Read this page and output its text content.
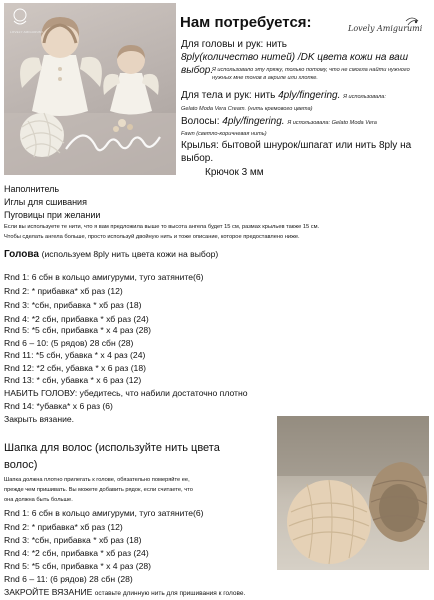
LOVELY AMIGURUMI	Lovely Amigurumi
Нам потребуется:
Для головы и рук: нить
8ply(количество нитей) /DK цвета кожи на ваш
выбор.
Я использовало эту пряжу, только потому, что не смогла найти нужного нужных мне тонов в акриле или хлопке.
Для тела и рук: нить 4ply/fingering. Я использовала:
Gelato Moda Vera Cream. (нить кремового цвета)
Волосы: 4ply/fingering. Я использовала: Gelato Moda Vera
Fawn (светло-коричневая нить)
Крылья: бытовой шнурок/шпагат или нить 8ply на выбор.
Крючок 3 мм
Наполнитель
Иглы для сшивания
Пуговицы при желании
Если вы используете те нити, что я вам предложила выше то высота ангела будет 15 см, размах крыльев также 15 см.
Чтобы сделать ангела больше, просто используй двойную нить и тоже описание, которое предоставлено ниже.
Голова (используем 8ply нить цвета кожи на выбор)
Rnd 1: 6 сбн в кольцо амигуруми, туго затяните(6)
Rnd 2: * прибавка* хб раз (12)
Rnd 3: *сбн, прибавка * хб раз (18)
Rnd 4: *2 сбн, прибавка * хб раз (24)
Rnd 5: *5 сбн, прибавка * х 4 раз (28)
Rnd 6 – 10: (5 рядов) 28 сбн (28)
Rnd 11: *5 сбн, убавка * х 4 раз (24)
Rnd 12: *2 сбн, убавка * х 6 раз (18)
Rnd 13: * сбн, убавка * х 6 раз (12)
НАБИТЬ ГОЛОВУ: убедитесь, что набили достаточно плотно
Rnd 14: *убавка* х 6 раз (6)
Закрыть вязание.
Шапка для волос (используйте нить цвета
волос)
Шапка должна плотно прилегать к голове, обязательно померяйте ее,
прежде чем пришивать. Вы можете добавить рядок, если считаете, что
она должна быть больше.
Rnd 1: 6 сбн в кольцо амигуруми, туго затяните(6)
Rnd 2: * прибавка* хб раз (12)
Rnd 3: *сбн, прибавка * хб раз (18)
Rnd 4: *2 сбн, прибавка * хб раз (24)
Rnd 5: *5 сбн, прибавка * х 4 раз (28)
Rnd 6 – 11: (6 рядов) 28 сбн (28)
ЗАКРОЙТЕ ВЯЗАНИЕ оставьте длинную нить для пришивания к голове.
